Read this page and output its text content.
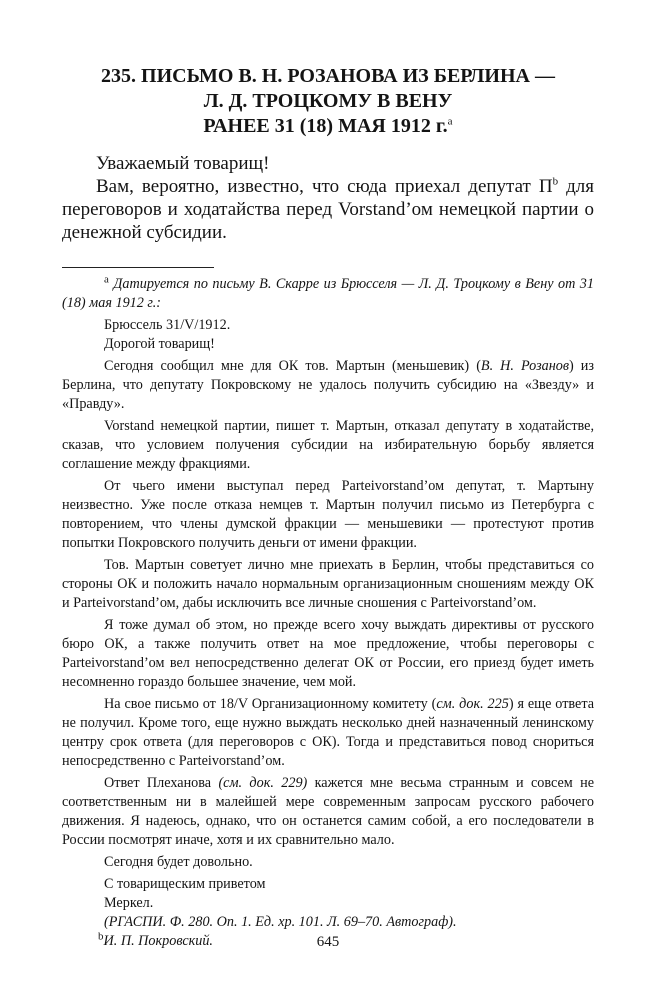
235. ПИСЬМО В. Н. РОЗАНОВА ИЗ БЕРЛИНА —
Л. Д. ТРОЦКОМУ В ВЕНУ
РАНЕЕ 31 (18) МАЯ 1912 г.$^а$

Уважаемый товарищ!

Вам, вероятно, известно, что сюда приехал депутат П$^b$ для переговоров и ходатайства перед Vorstand’ом немецкой партии о денежной субсидии.

$^а$ Датируется по письму В. Скарре из Брюсселя — Л. Д. Троцкому в Вену от 31 (18) мая 1912 г.:

Брюссель 31/V/1912.

Дорогой товарищ!

Сегодня сообщил мне для ОК тов. Мартын (меньшевик) (В. Н. Розанов) из Берлина, что депутату Покровскому не удалось получить субсидию на «Звезду» и «Правду».

Vorstand немецкой партии, пишет т. Мартын, отказал депутату в ходатайстве, сказав, что условием получения субсидии на избирательную борьбу является соглашение между фракциями.

От чьего имени выступал перед Parteivorstand’ом депутат, т. Мартыну неизвестно. Уже после отказа немцев т. Мартын получил письмо из Петербурга с повторением, что члены думской фракции — меньшевики — протестуют против попытки Покровского получить деньги от имени фракции.

Тов. Мартын советует лично мне приехать в Берлин, чтобы представиться со стороны ОК и положить начало нормальным организационным сношениям между ОК и Parteivorstand’ом, дабы исключить все личные сношения с Parteivorstand’ом.

Я тоже думал об этом, но прежде всего хочу выждать директивы от русского бюро ОК, а также получить ответ на мое предложение, чтобы переговоры с Parteivorstand’ом вел непосредственно делегат ОК от России, его приезд будет иметь несомненно гораздо большее значение, чем мой.

На свое письмо от 18/V Организационному комитету (см. док. 225) я еще ответа не получил. Кроме того, еще нужно выждать несколько дней назначенный ленинскому центру срок ответа (для переговоров с ОК). Тогда и представиться повод снориться непосредственно с Parteivorstand’ом.

Ответ Плеханова (см. док. 229) кажется мне весьма странным и совсем не соответственным ни в малейшей мере современным запросам русского рабочего движения. Я надеюсь, однако, что он останется самим собой, а его последователи в России посмотрят иначе, хотя и их сравнительно мало.

Сегодня будет довольно.

С товарищеским приветом

Меркел.

(РГАСПИ. Ф. 280. Оп. 1. Ед. хр. 101. Л. 69–70. Автограф).

$^b$И. П. Покровский.	645
